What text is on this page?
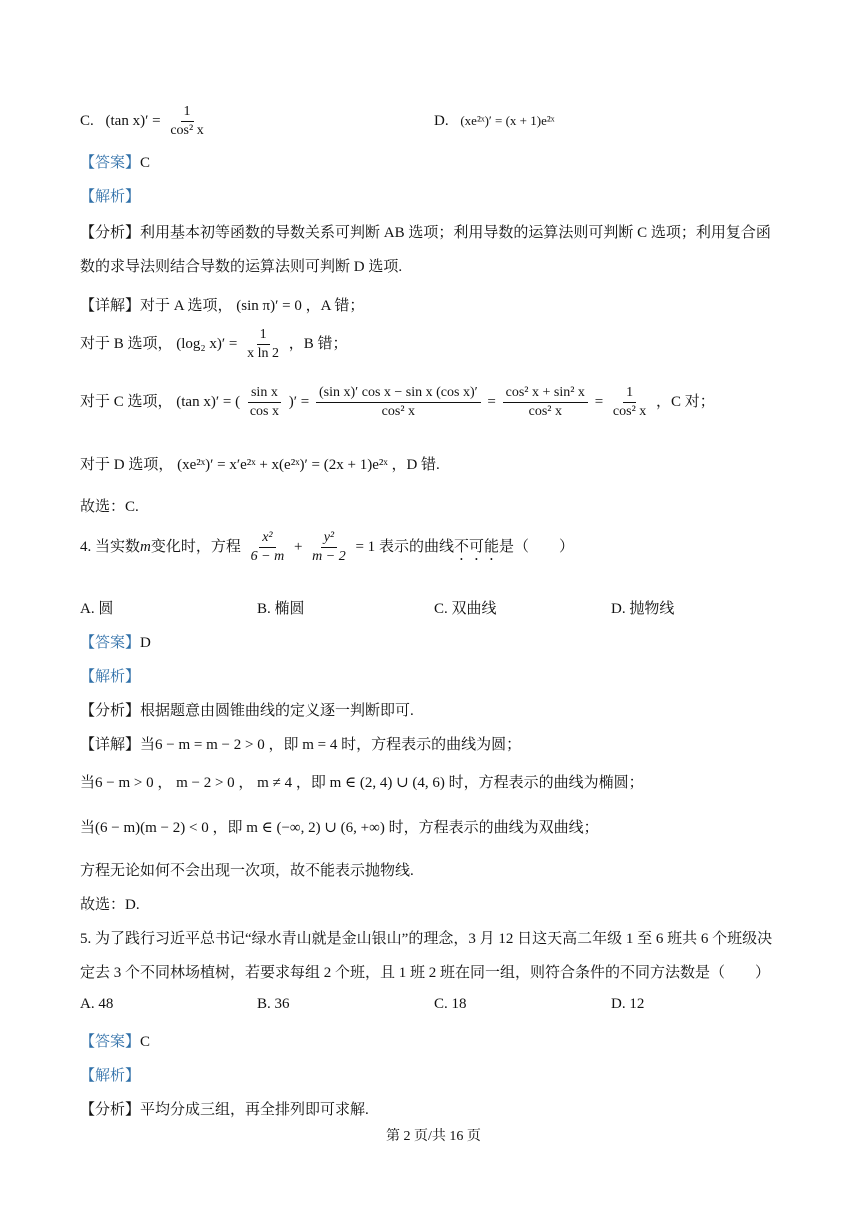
C. (tan $x)' = \frac{1}{\text{cos² x}}$	D. (xe²ˣ)′ = (x + 1)e²ˣ
【答案】C
【解析】
【分析】利用基本初等函数的导数关系可判断 AB 选项；利用导数的运算法则可判断 C 选项；利用复合函
数的求导法则结合导数的运算法则可判断 D 选项.
【详解】对于 A 选项， (sin π)′ = 0 ，A 错；
对于 B 选项， (log₂ $x)' = \frac{1}{\text{x ln 2}}$ ，B 错；
对于 C 选项， (tan x)′ = ( $\frac{\text{sin x}}{\text{cos x}}$ )′ = $\frac{\text{(sin x)′ cos x − sin x (cos x)′}}{\text{cos² x}} = \frac{\text{cos² x + sin² x}}{\text{cos² x}} = \frac{1}{\text{cos² x}}$ ，C 对；
对于 D 选项， (xe²ˣ)′ = x′e²ˣ + x(e²ˣ)′ = (2x + 1)e²ˣ ，D 错.
故选：C.
4. 当实数m变化时，方程 $\frac{\text{x²}}{6 - m} + \frac{\text{y²}}{m - 2} = 1$ 表示的曲线不可能是（　　）
A. 圆	B. 椭圆	C. 双曲线	D. 抛物线
【答案】D
【解析】
【分析】根据题意由圆锥曲线的定义逐一判断即可.
【详解】当6 − m = m − 2 > 0 ，即 m = 4 时，方程表示的曲线为圆；
当6 − m > 0 ， m − 2 > 0 ， m ≠ 4 ，即 m ∈ (2, 4) ∪ (4, 6) 时，方程表示的曲线为椭圆；
当(6 − m)(m − 2) < 0 ，即 m ∈ (−∞, 2) ∪ (6, +∞) 时，方程表示的曲线为双曲线；
方程无论如何不会出现一次项，故不能表示抛物线.
故选：D.
5. 为了践行习近平总书记“绿水青山就是金山银山”的理念，3 月 12 日这天高二年级 1 至 6 班共 6 个班级决
定去 3 个不同林场植树，若要求每组 2 个班，且 1 班 2 班在同一组，则符合条件的不同方法数是（　　）
A. 48	B. 36	C. 18	D. 12
【答案】C
【解析】
【分析】平均分成三组，再全排列即可求解.
第 2 页/共 16 页
